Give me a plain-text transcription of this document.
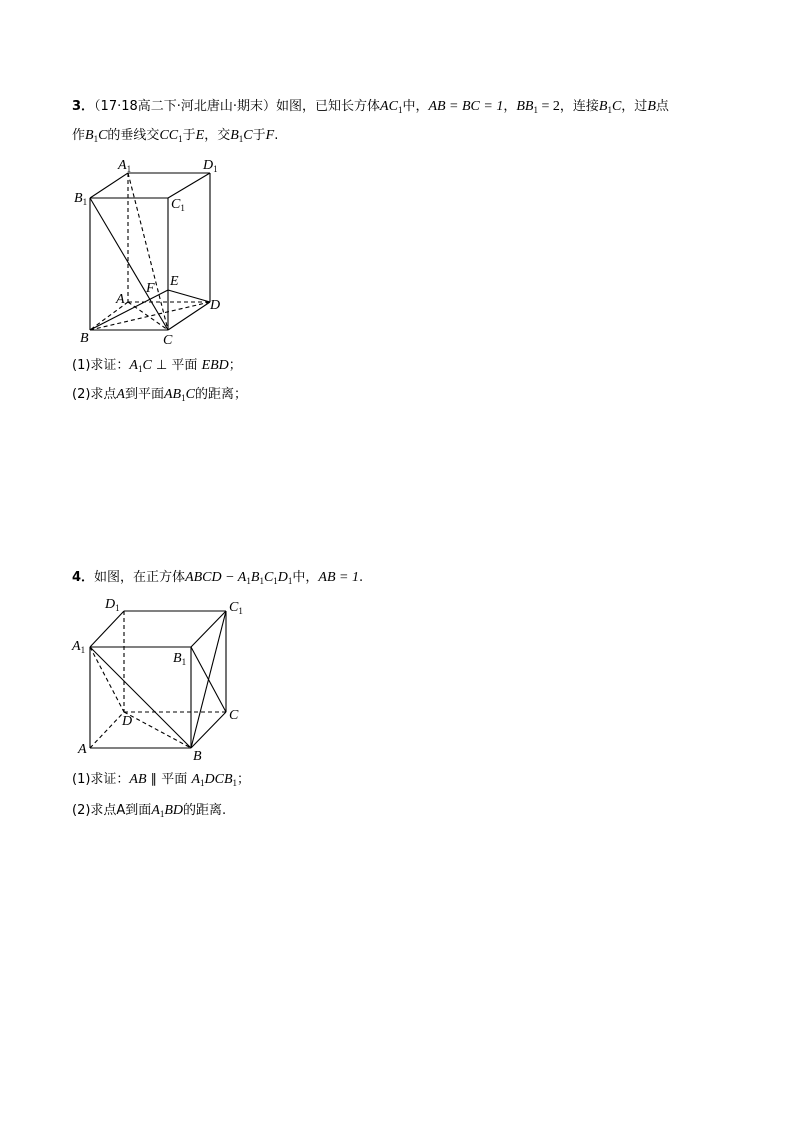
3．（17·18高二下·河北唐山·期末）如图，已知长方体$AC_1$中，AB = BC = 1，$BB_1 = 2$，连接$B_1C$，过B点
作$B_1C$的垂线交$CC_1$于E，交$B_1C$于F.
$A_1$	$D_1$
$B_1$	$C_1$
A
F E
D
B	C
(1)求证：$A_1C$ ⊥ 平面 EBD；
(2)求点A到平面$AB_1C$的距离；
4．如图，在正方体ABCD − $A_1B_1C_1D_1$中，AB = 1.
$D_1$	$C_1$
$A_1$
$B_1$
D	C
A	B
(1)求证：AB ∥ 平面 $A_1DCB_1$；
(2)求点A到面$A_1BD$的距离.
